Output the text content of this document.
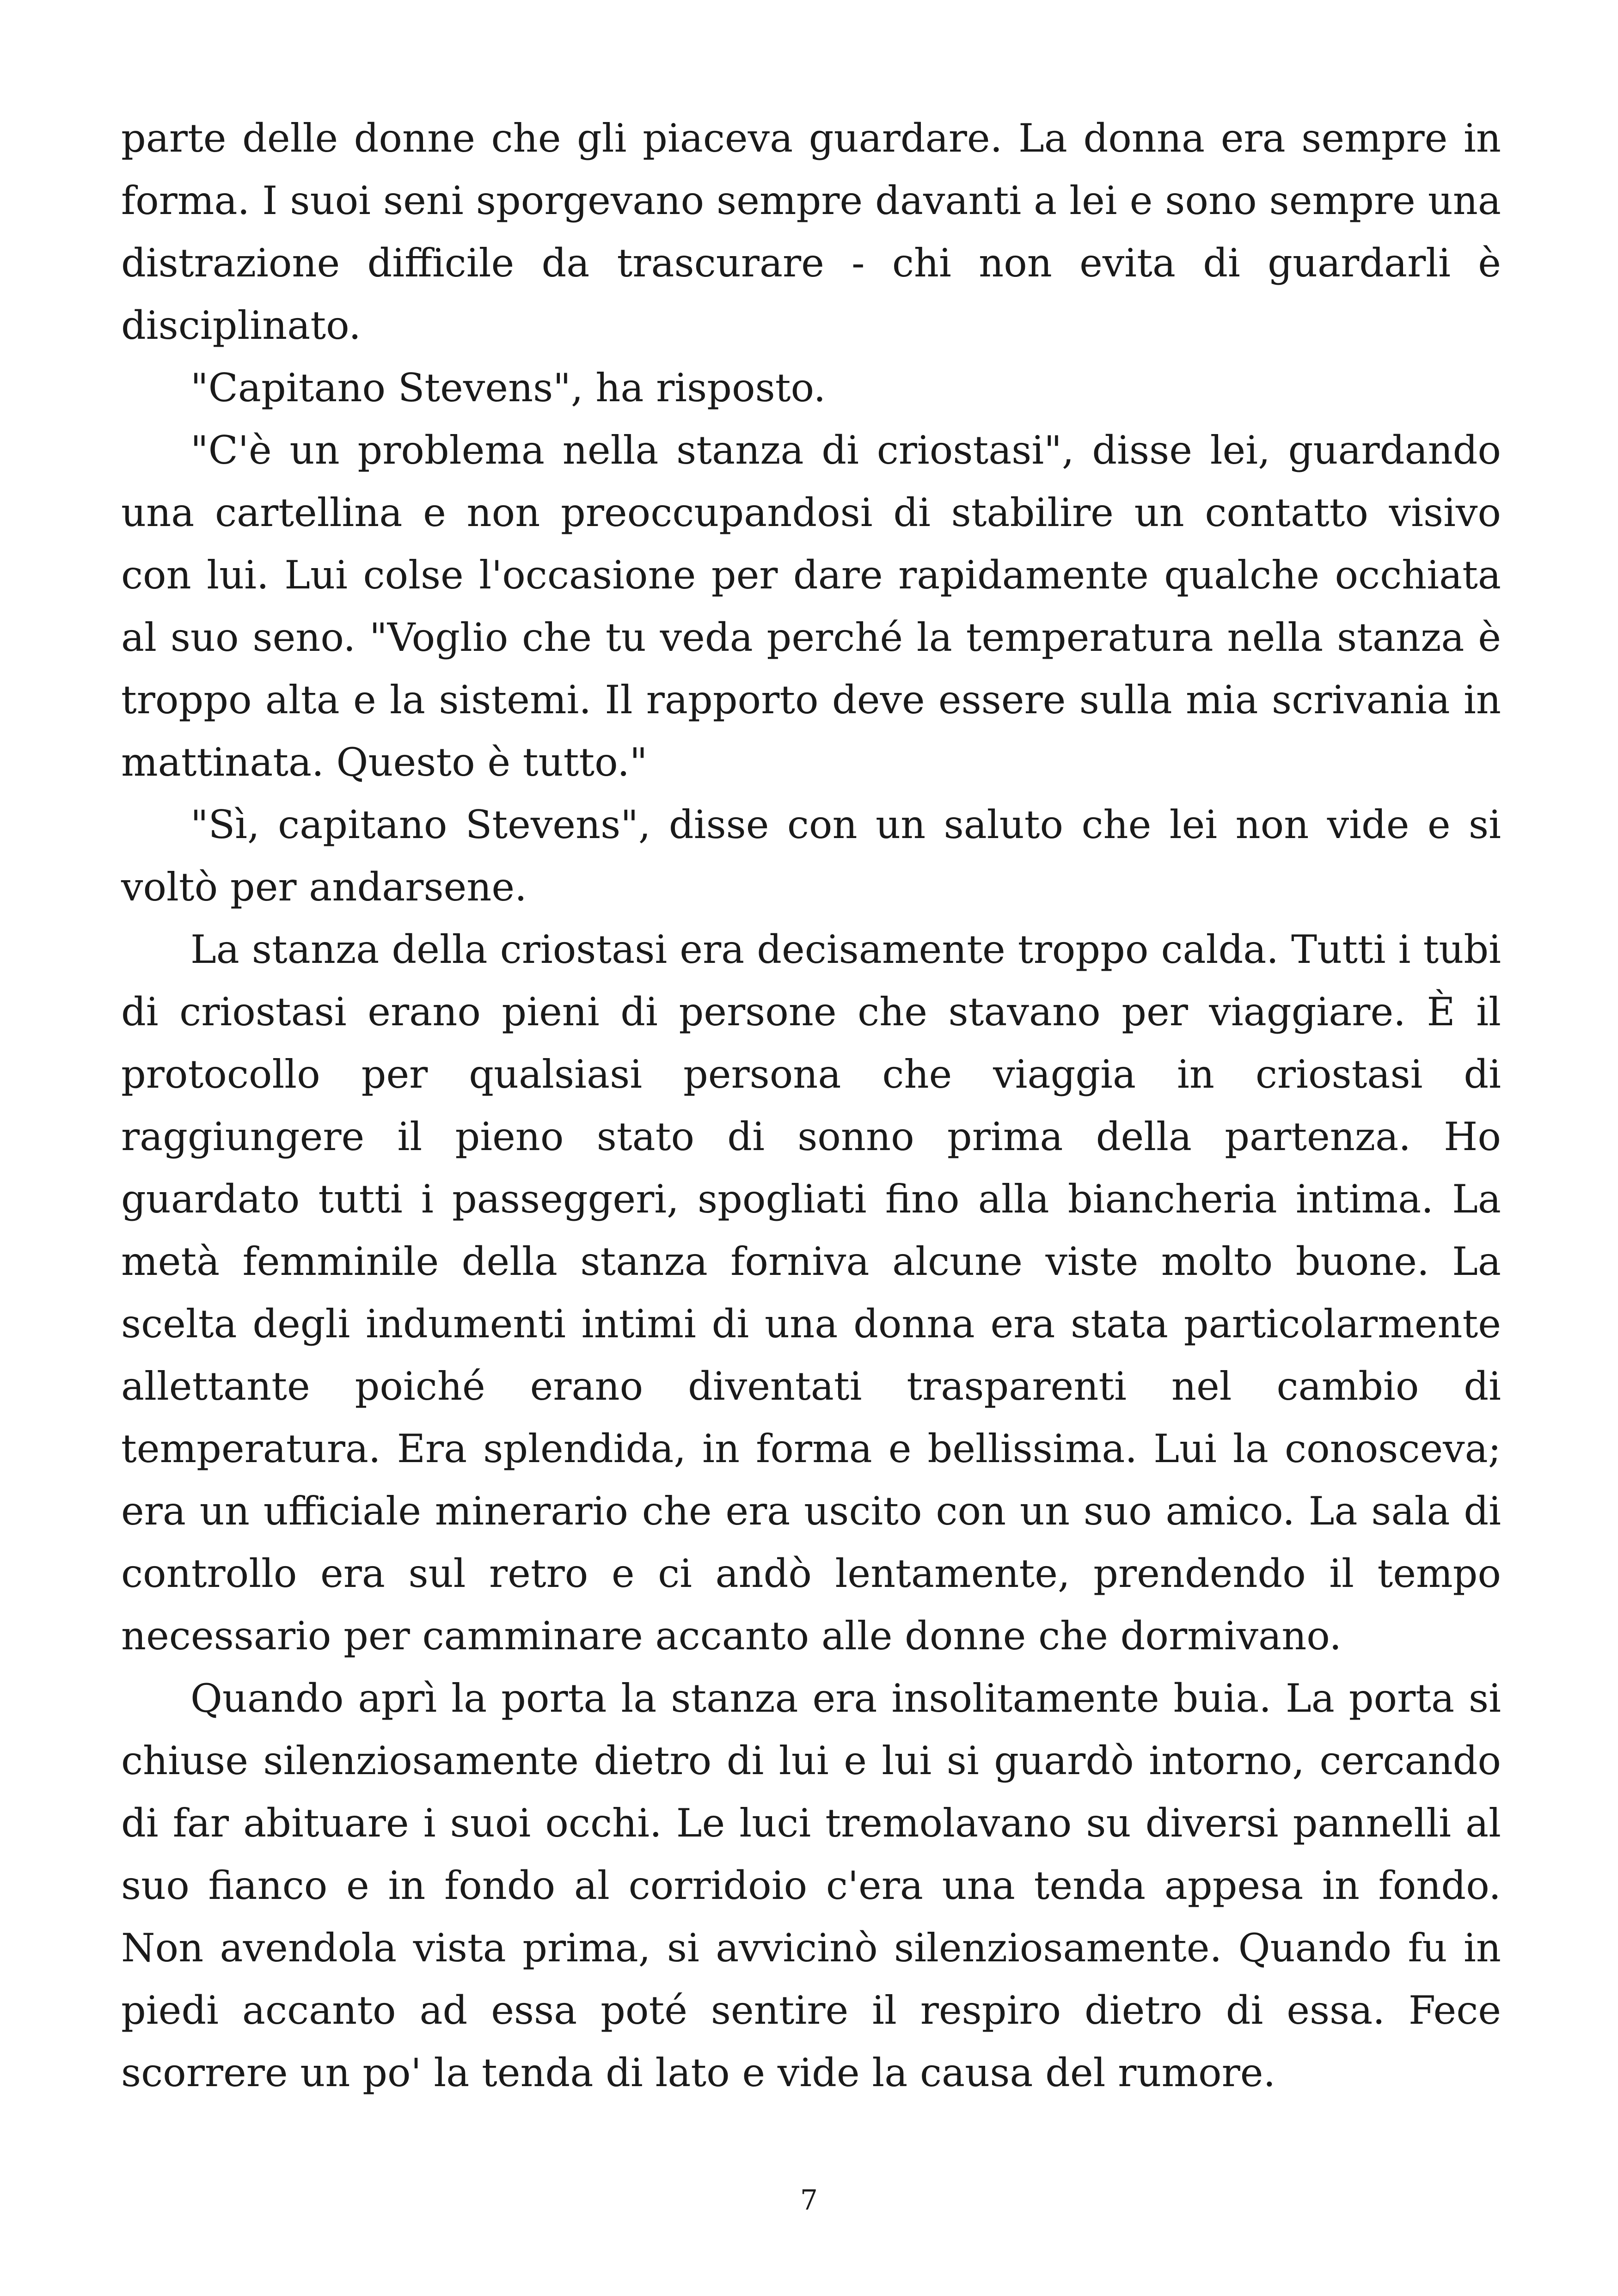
parte delle donne che gli piaceva guardare. La donna era sempre in forma. I suoi seni sporgevano sempre davanti a lei e sono sempre una distrazione difficile da trascurare - chi non evita di guardarli è disciplinato.

"Capitano Stevens", ha risposto.

"C'è un problema nella stanza di criostasi", disse lei, guardando una cartellina e non preoccupandosi di stabilire un contatto visivo con lui. Lui colse l'occasione per dare rapidamente qualche occhiata al suo seno. "Voglio che tu veda perché la temperatura nella stanza è troppo alta e la sistemi. Il rapporto deve essere sulla mia scrivania in mattinata. Questo è tutto."

"Sì, capitano Stevens", disse con un saluto che lei non vide e si voltò per andarsene.

La stanza della criostasi era decisamente troppo calda. Tutti i tubi di criostasi erano pieni di persone che stavano per viaggiare. È il protocollo per qualsiasi persona che viaggia in criostasi di raggiungere il pieno stato di sonno prima della partenza. Ho guardato tutti i passeggeri, spogliati fino alla biancheria intima. La metà femminile della stanza forniva alcune viste molto buone. La scelta degli indumenti intimi di una donna era stata particolarmente allettante poiché erano diventati trasparenti nel cambio di temperatura. Era splendida, in forma e bellissima. Lui la conosceva; era un ufficiale minerario che era uscito con un suo amico. La sala di controllo era sul retro e ci andò lentamente, prendendo il tempo necessario per camminare accanto alle donne che dormivano.

Quando aprì la porta la stanza era insolitamente buia. La porta si chiuse silenziosamente dietro di lui e lui si guardò intorno, cercando di far abituare i suoi occhi. Le luci tremolavano su diversi pannelli al suo fianco e in fondo al corridoio c'era una tenda appesa in fondo. Non avendola vista prima, si avvicinò silenziosamente. Quando fu in piedi accanto ad essa poté sentire il respiro dietro di essa. Fece scorrere un po' la tenda di lato e vide la causa del rumore.

7
